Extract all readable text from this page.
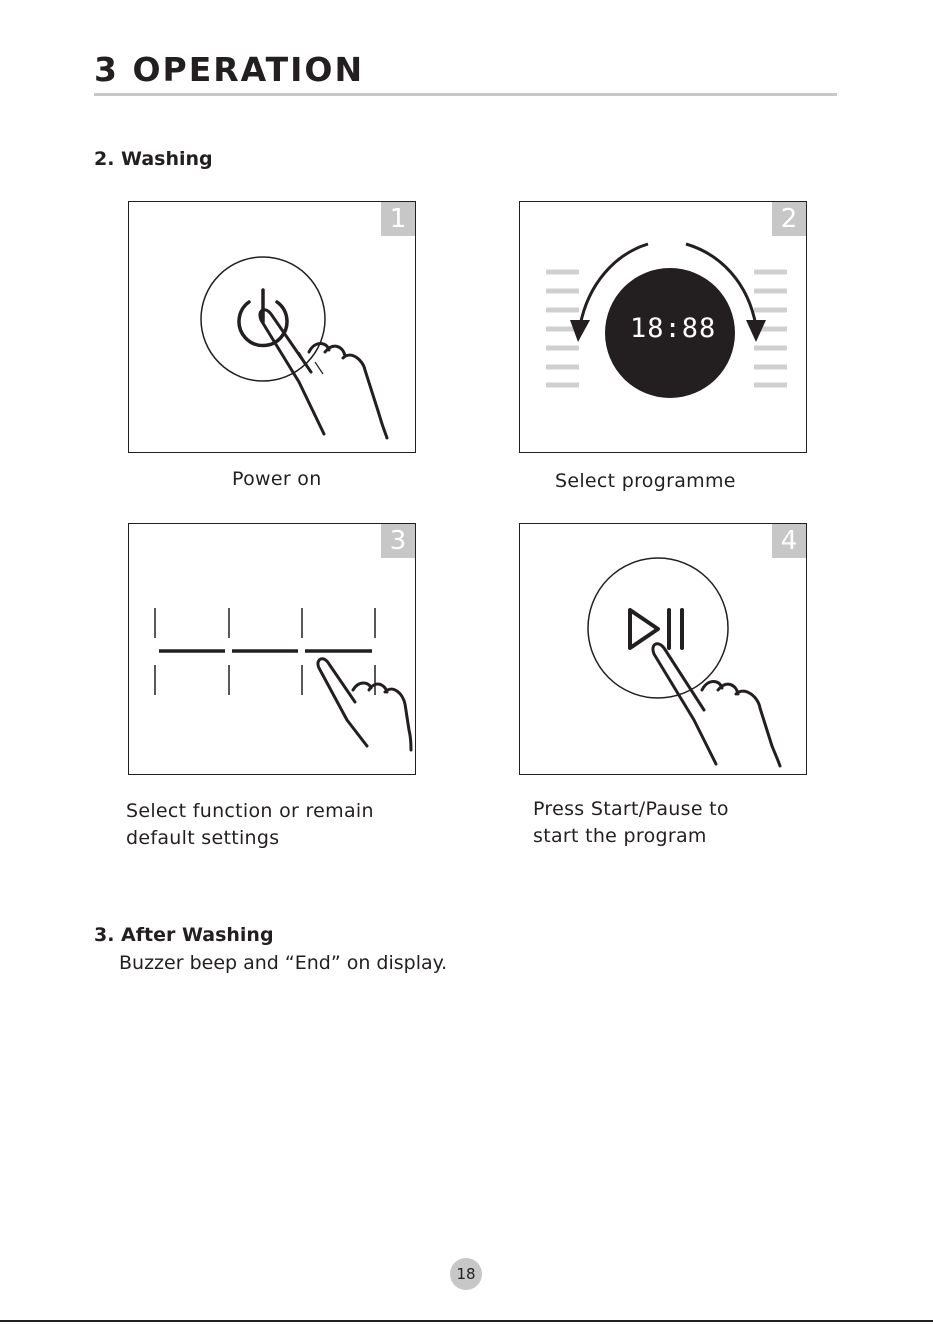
3 OPERATION
2. Washing
1
Power on
18:88
2
Select programme
3
Select function or remain
default settings
4
Press Start/Pause to
start the program
3. After Washing
Buzzer beep and “End” on display.
18
